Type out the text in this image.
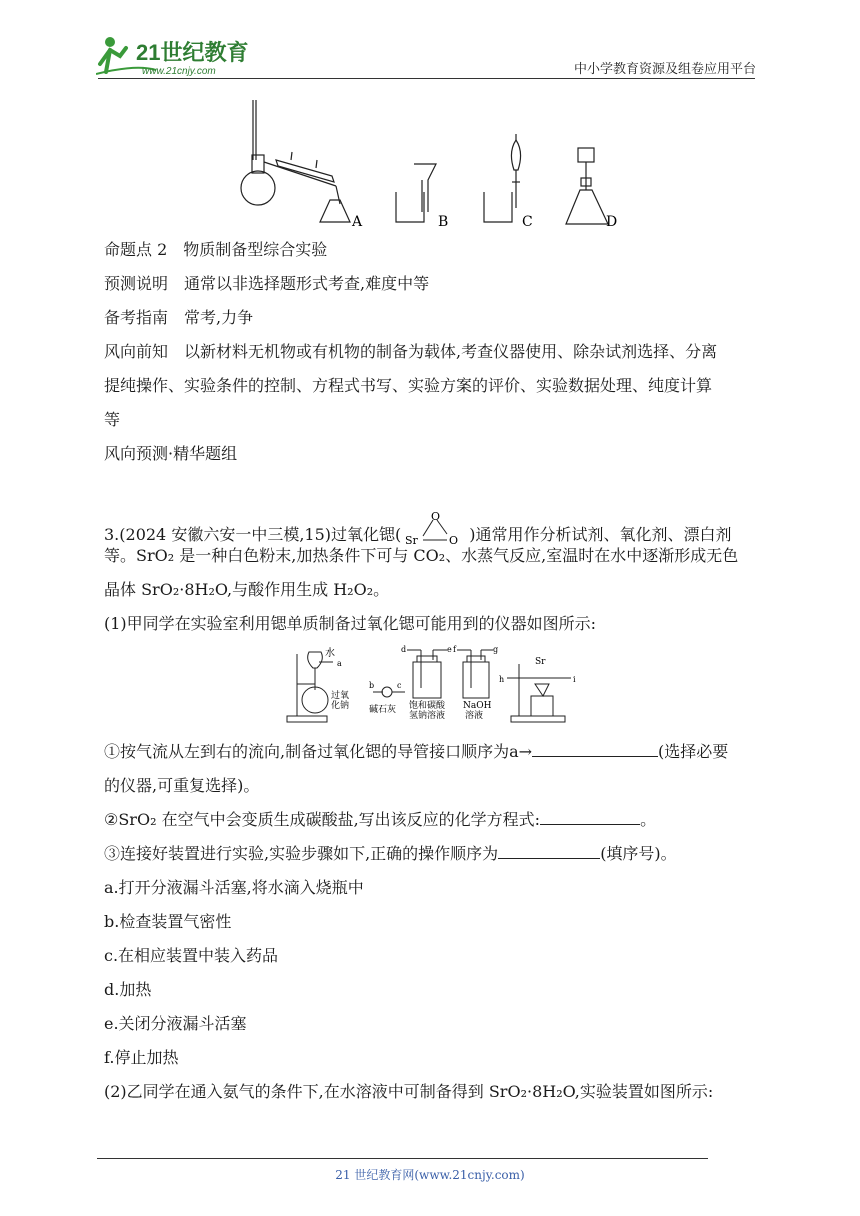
21世纪教育
www.21cnjy.com	中小学教育资源及组卷应用平台
A	B	C	D
命题点 2　物质制备型综合实验
预测说明　通常以非选择题形式考查,难度中等
备考指南　常考,力争
风向前知　以新材料无机物或有机物的制备为载体,考查仪器使用、除杂试剂选择、分离
提纯操作、实验条件的控制、方程式书写、实验方案的评价、实验数据处理、纯度计算
等
风向预测·精华题组
3.(2024 安徽六安一中三模,15)过氧化锶(
O
Sr	O )通常用作分析试剂、氧化剂、漂白剂
等。SrO₂ 是一种白色粉末,加热条件下可与 CO₂、水蒸气反应,室温时在水中逐渐形成无色
晶体 SrO₂·8H₂O,与酸作用生成 H₂O₂。
(1)甲同学在实验室利用锶单质制备过氧化锶可能用到的仪器如图所示:
水
a
过氧
化钠
b	c
碱石灰
d	e f	g
饱和碳酸
氢钠溶液
NaOH
溶液
h	i
Sr
①按气流从左到右的流向,制备过氧化锶的导管接口顺序为a→	(选择必要
的仪器,可重复选择)。
②SrO₂ 在空气中会变质生成碳酸盐,写出该反应的化学方程式:	。
③连接好装置进行实验,实验步骤如下,正确的操作顺序为	(填序号)。
a.打开分液漏斗活塞,将水滴入烧瓶中
b.检查装置气密性
c.在相应装置中装入药品
d.加热
e.关闭分液漏斗活塞
f.停止加热
(2)乙同学在通入氨气的条件下,在水溶液中可制备得到 SrO₂·8H₂O,实验装置如图所示:
21 世纪教育网(www.21cnjy.com)
